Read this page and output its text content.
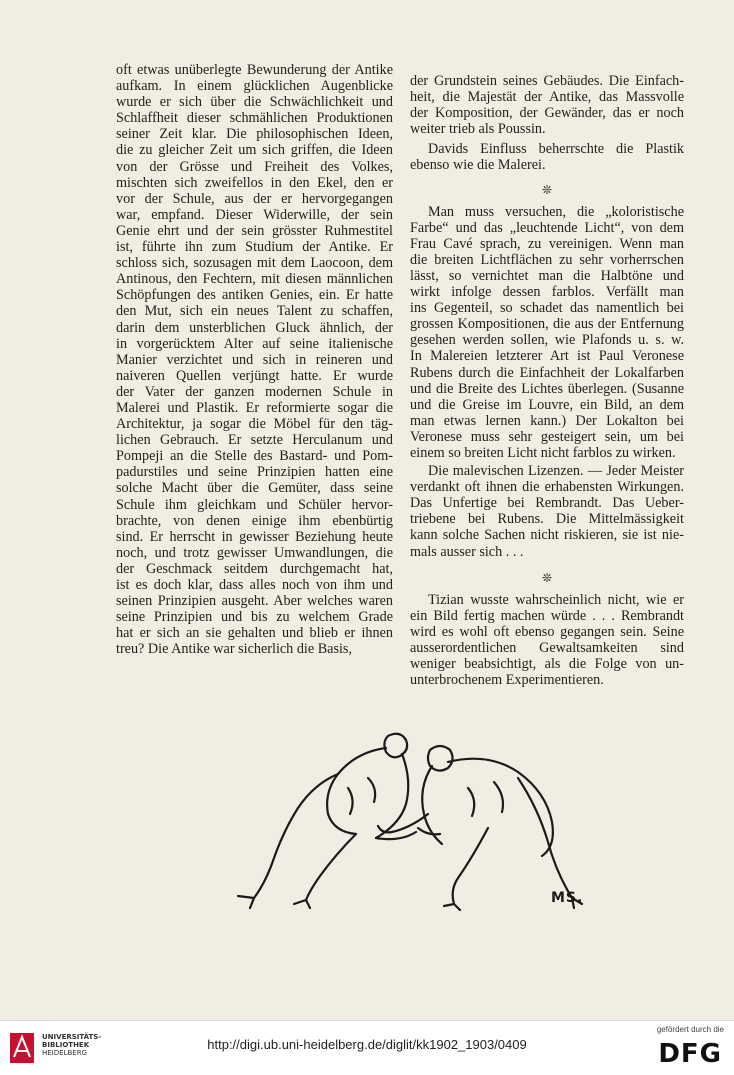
oft etwas unüberlegte Bewunderung der Antike
aufkam. In einem glücklichen Augenblicke
wurde er sich über die Schwächlichkeit und
Schlaffheit dieser schmählichen Produktionen
seiner Zeit klar. Die philosophischen Ideen,
die zu gleicher Zeit um sich griffen, die Ideen
von der Grösse und Freiheit des Volkes,
mischten sich zweifellos in den Ekel, den er
vor der Schule, aus der er hervorgegangen
war, empfand. Dieser Widerwille, der sein
Genie ehrt und der sein grösster Ruhmestitel
ist, führte ihn zum Studium der Antike. Er
schloss sich, sozusagen mit dem Laocoon, dem
Antinous, den Fechtern, mit diesen männlichen
Schöpfungen des antiken Genies, ein. Er hatte
den Mut, sich ein neues Talent zu schaffen,
darin dem unsterblichen Gluck ähnlich, der
in vorgerücktem Alter auf seine italienische
Manier verzichtet und sich in reineren und
naiveren Quellen verjüngt hatte. Er wurde
der Vater der ganzen modernen Schule in
Malerei und Plastik. Er reformierte sogar die
Architektur, ja sogar die Möbel für den täg-
lichen Gebrauch. Er setzte Herculanum und
Pompeji an die Stelle des Bastard- und Pom-
padurstiles und seine Prinzipien hatten eine
solche Macht über die Gemüter, dass seine
Schule ihm gleichkam und Schüler hervor-
brachte, von denen einige ihm ebenbürtig
sind. Er herrscht in gewisser Beziehung heute
noch, und trotz gewisser Umwandlungen, die
der Geschmack seitdem durchgemacht hat,
ist es doch klar, dass alles noch von ihm und
seinen Prinzipien ausgeht. Aber welches waren
seine Prinzipien und bis zu welchem Grade
hat er sich an sie gehalten und blieb er ihnen
treu? Die Antike war sicherlich die Basis,

der Grundstein seines Gebäudes. Die Einfach-
heit, die Majestät der Antike, das Massvolle
der Komposition, der Gewänder, das er noch
weiter trieb als Poussin.

Davids Einfluss beherrschte die Plastik
ebenso wie die Malerei.

❊

Man muss versuchen, die „koloristische
Farbe“ und das „leuchtende Licht“, von dem
Frau Cavé sprach, zu vereinigen. Wenn man
die breiten Lichtflächen zu sehr vorherrschen
lässt, so vernichtet man die Halbtöne und
wirkt infolge dessen farblos. Verfällt man
ins Gegenteil, so schadet das namentlich bei
grossen Kompositionen, die aus der Entfernung
gesehen werden sollen, wie Plafonds u. s. w.
In Malereien letzterer Art ist Paul Veronese
Rubens durch die Einfachheit der Lokalfarben
und die Breite des Lichtes überlegen. (Susanne
und die Greise im Louvre, ein Bild, an dem
man etwas lernen kann.) Der Lokalton bei
Veronese muss sehr gesteigert sein, um bei
einem so breiten Licht nicht farblos zu wirken.

Die malevischen Lizenzen. — Jeder Meister
verdankt oft ihnen die erhabensten Wirkungen.
Das Unfertige bei Rembrandt. Das Ueber-
triebene bei Rubens. Die Mittelmässigkeit
kann solche Sachen nicht riskieren, sie ist nie-
mals ausser sich . . .

❊

Tizian wusste wahrscheinlich nicht, wie er
ein Bild fertig machen würde . . . Rembrandt
wird es wohl oft ebenso gegangen sein. Seine
ausserordentlichen Gewaltsamkeiten sind
weniger beabsichtigt, als die Folge von un-
unterbrochenem Experimentieren.

MS.
UNIVERSITÄTS-
BIBLIOTHEK
HEIDELBERG
http://digi.ub.uni-heidelberg.de/diglit/kk1902_1903/0409
gefördert durch die
DFG
